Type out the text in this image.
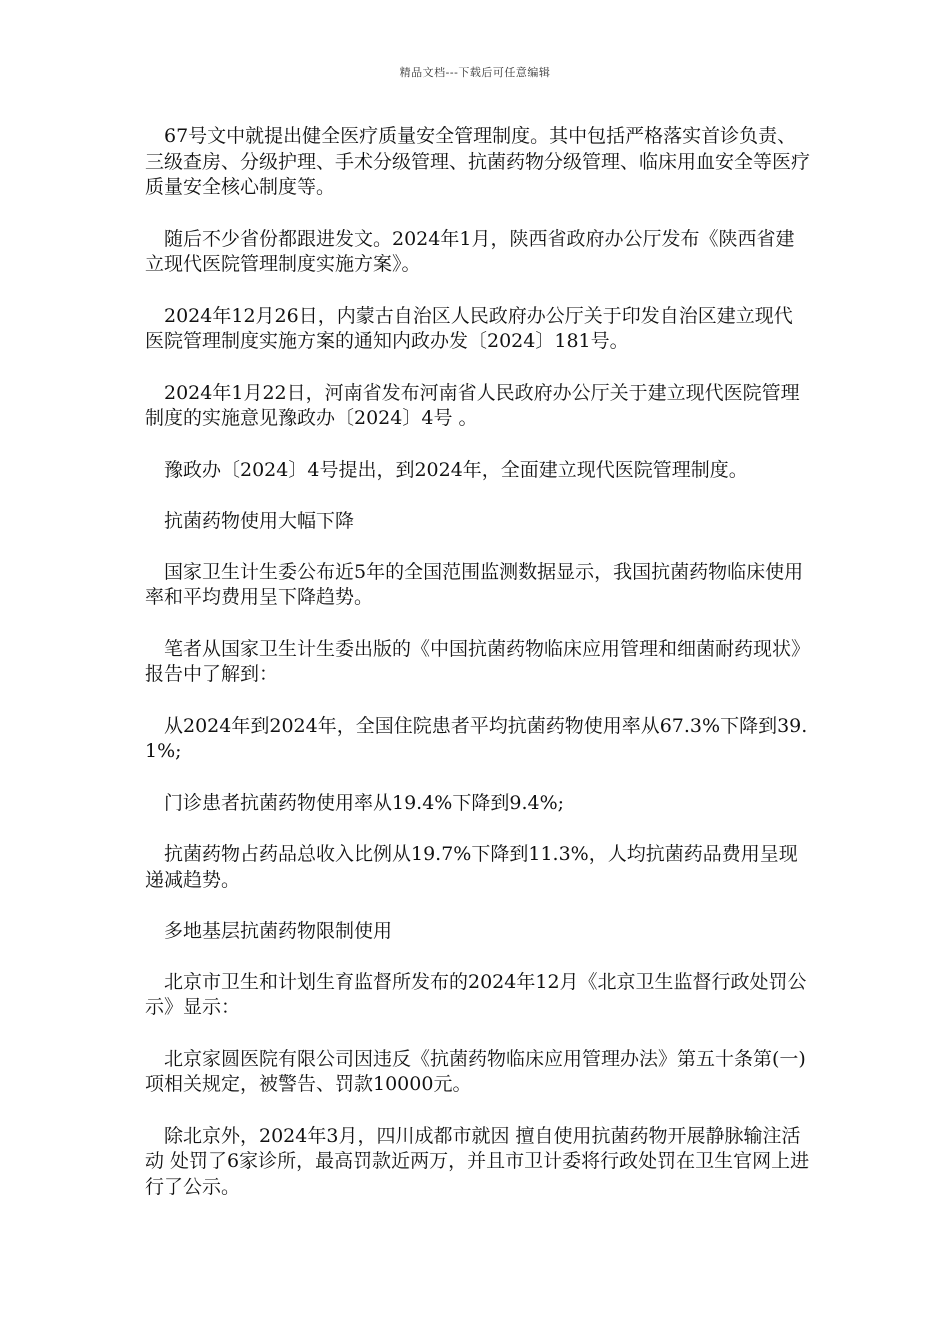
精品文档---下载后可任意编辑

　67号文中就提出健全医疗质量安全管理制度。其中包括严格落实首诊负责、三级查房、分级护理、手术分级管理、抗菌药物分级管理、临床用血安全等医疗质量安全核心制度等。

　随后不少省份都跟进发文。2024年1月，陕西省政府办公厅发布《陕西省建立现代医院管理制度实施方案》。

　2024年12月26日，内蒙古自治区人民政府办公厅关于印发自治区建立现代医院管理制度实施方案的通知内政办发〔2024〕181号。

　2024年1月22日，河南省发布河南省人民政府办公厅关于建立现代医院管理制度的实施意见豫政办〔2024〕4号 。

　豫政办〔2024〕4号提出，到2024年，全面建立现代医院管理制度。

　抗菌药物使用大幅下降

　国家卫生计生委公布近5年的全国范围监测数据显示，我国抗菌药物临床使用率和平均费用呈下降趋势。

　笔者从国家卫生计生委出版的《中国抗菌药物临床应用管理和细菌耐药现状》报告中了解到：

　从2024年到2024年，全国住院患者平均抗菌药物使用率从67.3%下降到39.1%;

　门诊患者抗菌药物使用率从19.4%下降到9.4%;

　抗菌药物占药品总收入比例从19.7%下降到11.3%，人均抗菌药品费用呈现递减趋势。

　多地基层抗菌药物限制使用

　北京市卫生和计划生育监督所发布的2024年12月《北京卫生监督行政处罚公示》显示：

　北京家圆医院有限公司因违反《抗菌药物临床应用管理办法》第五十条第(一)项相关规定，被警告、罚款10000元。

　除北京外，2024年3月，四川成都市就因 擅自使用抗菌药物开展静脉输注活动 处罚了6家诊所，最高罚款近两万，并且市卫计委将行政处罚在卫生官网上进行了公示。
